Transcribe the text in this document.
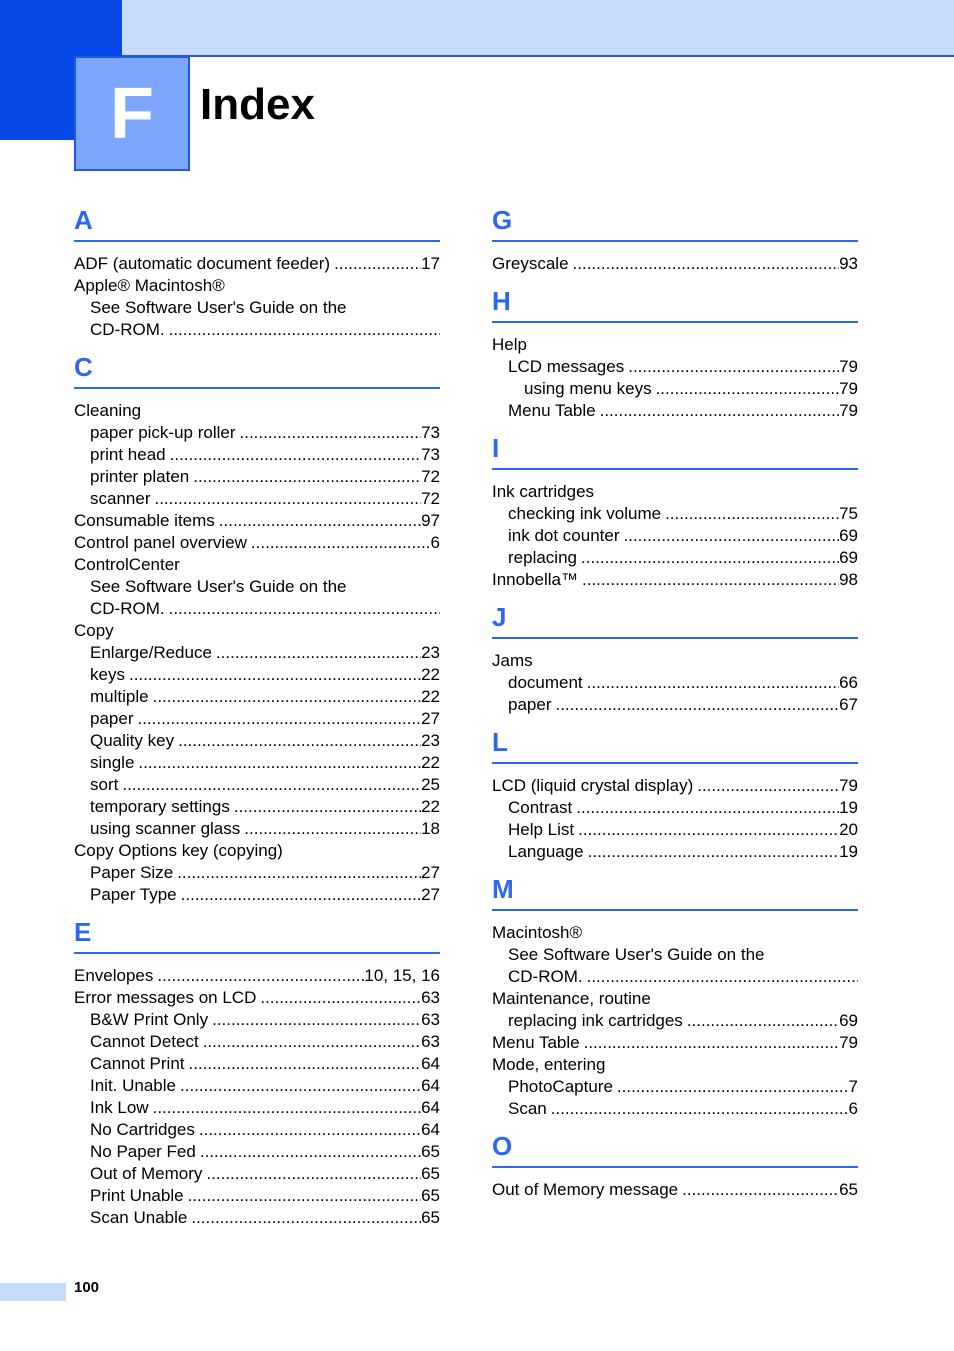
F	Index
A
ADF (automatic document feeder) .....	17
Apple® Macintosh®
See Software User's Guide on the
CD-ROM.
.....
C
Cleaning
paper pick-up roller .....	73
print head .....	73
printer platen .....	72
scanner .....	72
Consumable items .....	97
Control panel overview .....	6
ControlCenter
See Software User's Guide on the
CD-ROM.
.....
Copy
Enlarge/Reduce .....	23
keys .....	22
multiple .....	22
paper .....	27
Quality key .....	23
single .....	22
sort .....	25
temporary settings .....	22
using scanner glass .....	18
Copy Options key (copying)
Paper Size .....	27
Paper Type .....	27
E
Envelopes .....	10, 15, 16
Error messages on LCD .....	63
B&W Print Only .....	63
Cannot Detect .....	63
Cannot Print .....	64
Init. Unable .....	64
Ink Low .....	64
No Cartridges .....	64
No Paper Fed .....	65
Out of Memory .....	65
Print Unable .....	65
Scan Unable .....	65
G
Greyscale .....	93
H
Help
LCD messages .....	79
using menu keys .....	79
Menu Table .....	79
I
Ink cartridges
checking ink volume .....	75
ink dot counter .....	69
replacing .....	69
Innobella™ .....	98
J
Jams
document .....	66
paper .....	67
L
LCD (liquid crystal display) .....	79
Contrast .....	19
Help List .....	20
Language .....	19
M
Macintosh®
See Software User's Guide on the
CD-ROM.
.....
Maintenance, routine
replacing ink cartridges .....	69
Menu Table .....	79
Mode, entering
PhotoCapture .....	7
Scan .....	6
O
Out of Memory message .....	65
100
